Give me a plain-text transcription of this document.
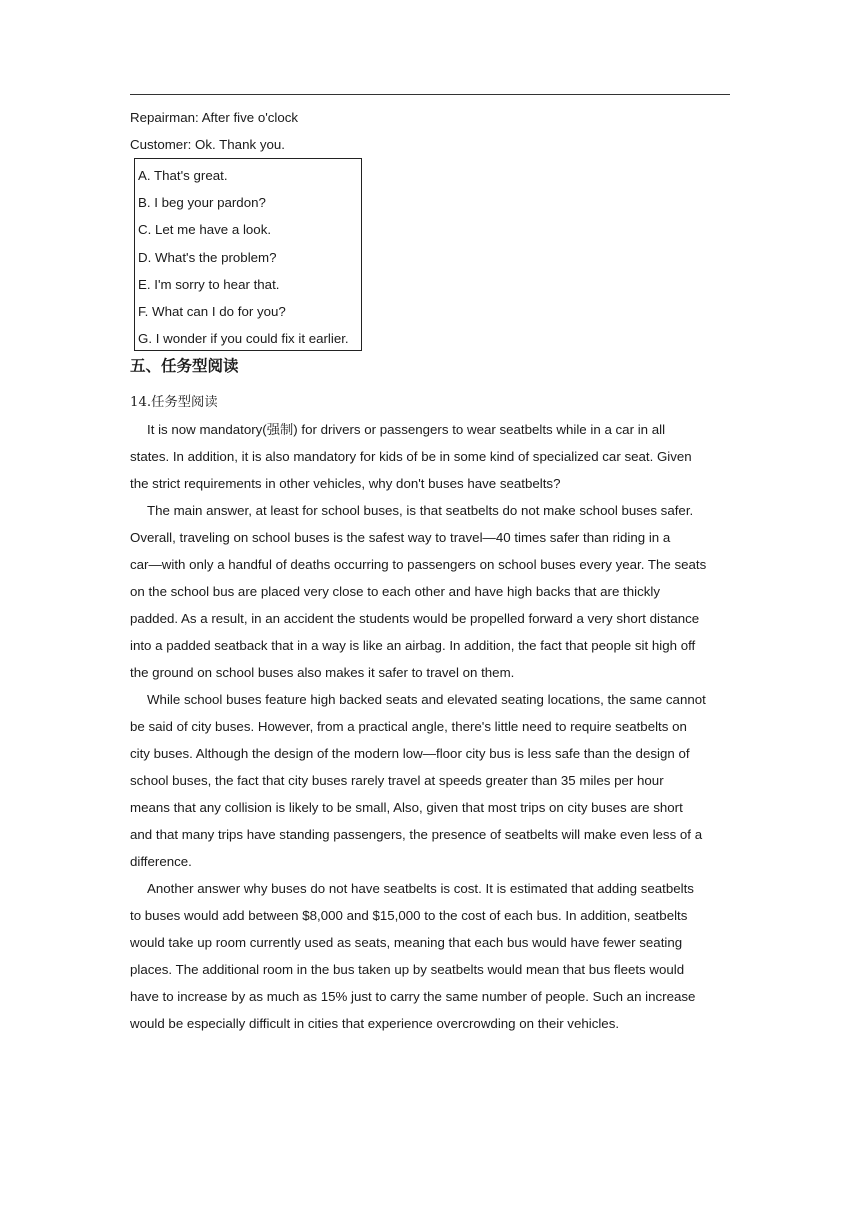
Repairman: After five o'clock
Customer: Ok. Thank you.
A. That's great.
B. I beg your pardon?
C. Let me have a look.
D. What's the problem?
E. I'm sorry to hear that.
F. What can I do for you?
G. I wonder if you could fix it earlier.
五、任务型阅读
14.任务型阅读

It is now mandatory(强制) for drivers or passengers to wear seatbelts while in a car in all
states. In addition, it is also mandatory for kids of be in some kind of specialized car seat. Given
the strict requirements in other vehicles, why don't buses have seatbelts?

The main answer, at least for school buses, is that seatbelts do not make school buses safer.
Overall, traveling on school buses is the safest way to travel—40 times safer than riding in a
car—with only a handful of deaths occurring to passengers on school buses every year. The seats
on the school bus are placed very close to each other and have high backs that are thickly
padded. As a result, in an accident the students would be propelled forward a very short distance
into a padded seatback that in a way is like an airbag. In addition, the fact that people sit high off
the ground on school buses also makes it safer to travel on them.

While school buses feature high backed seats and elevated seating locations, the same cannot
be said of city buses. However, from a practical angle, there's little need to require seatbelts on
city buses. Although the design of the modern low—floor city bus is less safe than the design of
school buses, the fact that city buses rarely travel at speeds greater than 35 miles per hour
means that any collision is likely to be small, Also, given that most trips on city buses are short
and that many trips have standing passengers, the presence of seatbelts will make even less of a
difference.

Another answer why buses do not have seatbelts is cost. It is estimated that adding seatbelts
to buses would add between $8,000 and $15,000 to the cost of each bus. In addition, seatbelts
would take up room currently used as seats, meaning that each bus would have fewer seating
places. The additional room in the bus taken up by seatbelts would mean that bus fleets would
have to increase by as much as 15% just to carry the same number of people. Such an increase
would be especially difficult in cities that experience overcrowding on their vehicles.
